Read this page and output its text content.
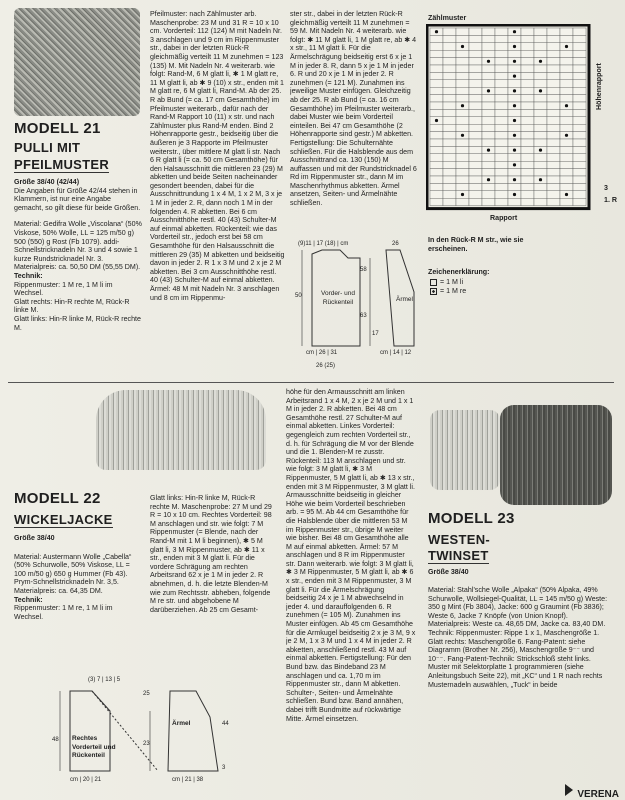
MODELL 21
PULLI MIT
PFEILMUSTER
Größe 38/40 (42/44)
Die Angaben für Größe 42/44 stehen in Klammern, ist nur eine Angabe gemacht, so gilt diese für beide Größen.
Material: Gedifra Wolle „Viscolana“ (50% Viskose, 50% Wolle, LL = 125 m/50 g) 500 (550) g Rost (Fb 1079). addi-Schnellstricknadeln Nr. 3 und 4 sowie 1 kurze Rundstricknadel Nr. 3.
Materialpreis: ca. 50,50 DM (55,55 DM).
Technik:
Rippenmuster: 1 M re, 1 M li im Wechsel.
Glatt rechts: Hin-R rechte M, Rück-R linke M.
Glatt links: Hin-R linke M, Rück-R rechte M.
Pfeilmuster: nach Zählmuster arb. Maschenprobe: 23 M und 31 R = 10 x 10 cm. Vorderteil: 112 (124) M mit Nadeln Nr. 3 anschlagen und 9 cm im Rippenmuster str., dabei in der letzten Rück-R gleichmäßig verteilt 11 M zunehmen = 123 (135) M. Mit Nadeln Nr. 4 weiterarb. wie folgt: Rand-M, 6 M glatt li, ✱ 1 M glatt re, 11 M glatt li, ab ✱ 9 (10) x str., enden mit 1 M glatt re, 6 M glatt li, Rand-M. Ab der 25. R ab Bund (= ca. 17 cm Gesamthöhe) im Pfeilmuster weiterarb., dafür nach der Rand-M Rapport 10 (11) x str. und nach Zählmuster plus Rand-M enden. Bind 2 Höhenrapporte gestr., beidseitig über die äußeren je 3 Rapporte im Pfeilmuster weiterstr., über mittlere M glatt li str. Nach 6 R glatt li (= ca. 50 cm Gesamthöhe) für den Halsausschnitt die mittleren 23 (29) M abketten und beide Seiten nacheinander gesondert beenden, dabei für die Ausschnittrundung 1 x 4 M, 1 x 2 M, 3 x je 1 M in jeder 2. R, dann noch 1 M in der folgenden 4. R abketten. Bei 6 cm Ausschnitthöhe restl. 40 (43) Schulter-M auf einmal abketten. Rückenteil: wie das Vorderteil str., jedoch erst bei 58 cm Gesamthöhe für den Halsausschnitt die mittleren 29 (35) M abketten und beidseitig davon in jeder 2. R 1 x 3 M und 2 x je 2 M abketten. Bei 3 cm Ausschnitthöhe restl. 40 (43) Schulter-M auf einmal abketten. Ärmel: 48 M mit Nadeln Nr. 3 anschlagen und 8 cm im Rippenmu-
ster str., dabei in der letzten Rück-R gleichmäßig verteilt 11 M zunehmen = 59 M. Mit Nadeln Nr. 4 weiterarb. wie folgt: ✱ 11 M glatt li, 1 M glatt re, ab ✱ 4 x str., 11 M glatt li. Für die Ärmelschrägung beidseitig erst 6 x je 1 M in jeder 8. R, dann 5 x je 1 M in jeder 6. R und 20 x je 1 M in jeder 2. R zunehmen (= 121 M). Zunahmen ins jeweilige Muster einfügen. Gleichzeitig ab der 25. R ab Bund (= ca. 16 cm Gesamthöhe) im Pfeilmuster weiterarb., dabei Muster wie beim Vorderteil einteilen. Bei 47 cm Gesamthöhe (2 Höhenrapporte sind gestr.) M abketten. Fertigstellung: Die Schulternähte schließen. Für die Halsblende aus dem Ausschnittrand ca. 130 (150) M auffassen und mit der Rundstricknadel 6 Rd im Rippenmuster str., dann M im Maschenrhythmus abketten. Ärmel ansetzen, Seiten- und Ärmelnähte schließen.
Zählmuster
Rapport
3
1. R
Höhenrapport
In den Rück-R M str., wie sie erscheinen.
Zeichenerklärung:
= 1 M li
= 1 M re
(9)11 | 17 (18) | cm	26
Vorder- und Rückenteil	Ärmel
50
58
63
17
cm | 26 | 31	cm | 14 | 12
26 (25)
MODELL 22
WICKELJACKE
Größe 38/40
Material: Austermann Wolle „Cabella“ (50% Schurwolle, 50% Viskose, LL = 100 m/50 g) 650 g Hummer (Fb 43). Prym-Schnellstricknadeln Nr. 3,5.
Materialpreis: ca. 64,35 DM.
Technik:
Rippenmuster: 1 M re, 1 M li im Wechsel.
Glatt links: Hin-R linke M, Rück-R rechte M. Maschenprobe: 27 M und 29 R = 10 x 10 cm. Rechtes Vorderteil: 98 M anschlagen und str. wie folgt: 7 M Rippenmuster (= Blende, nach der Rand-M mit 1 M li beginnen), ✱ 5 M glatt li, 3 M Rippenmuster, ab ✱ 11 x str., enden mit 3 M glatt li. Für die vordere Schrägung am rechten Arbeitsrand 62 x je 1 M in jeder 2. R abnehmen, d. h. die letzte Blenden-M wie zum Rechtsstr. abheben, folgende M re str. und abgehobene M darüberziehen. Ab 25 cm Gesamt-
höhe für den Armausschnitt am linken Arbeitsrand 1 x 4 M, 2 x je 2 M und 1 x 1 M in jeder 2. R abketten. Bei 48 cm Gesamthöhe restl. 27 Schulter-M auf einmal abketten. Linkes Vorderteil: gegengleich zum rechten Vorderteil str., d. h. für Schrägung die M vor der Blende und die 1. Blenden-M re zusstr. Rückenteil: 113 M anschlagen und str. wie folgt: 3 M glatt li, ✱ 3 M Rippenmuster, 5 M glatt li, ab ✱ 13 x str., enden mit 3 M Rippenmuster, 3 M glatt li. Armausschnitte beidseitig in gleicher Höhe wie beim Vorderteil beschrieben arb. = 95 M. Ab 44 cm Gesamthöhe für die Halsblende über die mittleren 53 M im Rippenmuster str., übrige M weiter wie bisher. Bei 48 cm Gesamthöhe alle M auf einmal abketten. Ärmel: 57 M anschlagen und 8 R im Rippenmuster str. Dann weiterarb. wie folgt: 3 M glatt li, ✱ 3 M Rippenmuster, 5 M glatt li, ab ✱ 6 x str., enden mit 3 M Rippenmuster, 3 M glatt li. Für die Ärmelschrägung beidseitig 24 x je 1 M abwechselnd in jeder 4. und darauffolgenden 6. R zunehmen (= 105 M). Zunahmen ins Muster einfügen. Ab 45 cm Gesamthöhe für die Armkugel beidseitig 2 x je 3 M, 9 x je 2 M, 1 x 3 M und 1 x 4 M in jeder 2. R abketten, anschließend restl. 43 M auf einmal abketten. Fertigstellung: Für den Bund bzw. das Bindeband 23 M anschlagen und ca. 1,70 m im Rippenmuster str., dann M abketten. Schulter-, Seiten- und Ärmelnähte schließen. Bund bzw. Band annähen, dabei trifft Bundmitte auf rückwärtige Mitte. Ärmel einsetzen.
(3) 7 | 13 | 5
Rechtes Vorderteil und Rückenteil
Ärmel
48
25
23
44
3
cm | 20 | 21	cm | 21 | 38
MODELL 23
WESTEN-
TWINSET
Größe 38/40
Material: Stahl’sche Wolle „Alpaka“ (50% Alpaka, 49% Schurwolle, Wollsiegel-Qualität, LL = 145 m/50 g) Weste: 350 g Mint (Fb 3804), Jacke: 600 g Graumint (Fb 3836); Weste 6, Jacke 7 Knöpfe (von Union Knopf). Materialpreis: Weste ca. 48,65 DM, Jacke ca. 83,40 DM. Technik: Rippenmuster: Rippe 1 x 1, Maschengröße 1. Glatt rechts: Maschengröße 6. Fang-Patent: siehe Diagramm (Brother Nr. 256), Maschengröße 9⁻⁻ und 10⁻⁻. Fang-Patent-Technik: Strickschloß steht links. Muster mit Selektorplatte 1 programmieren (siehe Anleitungsbuch Seite 22), mit „KC“ und 1 R nach rechts Musternadeln auswählen, „Tuck“ in beide
VERENA
